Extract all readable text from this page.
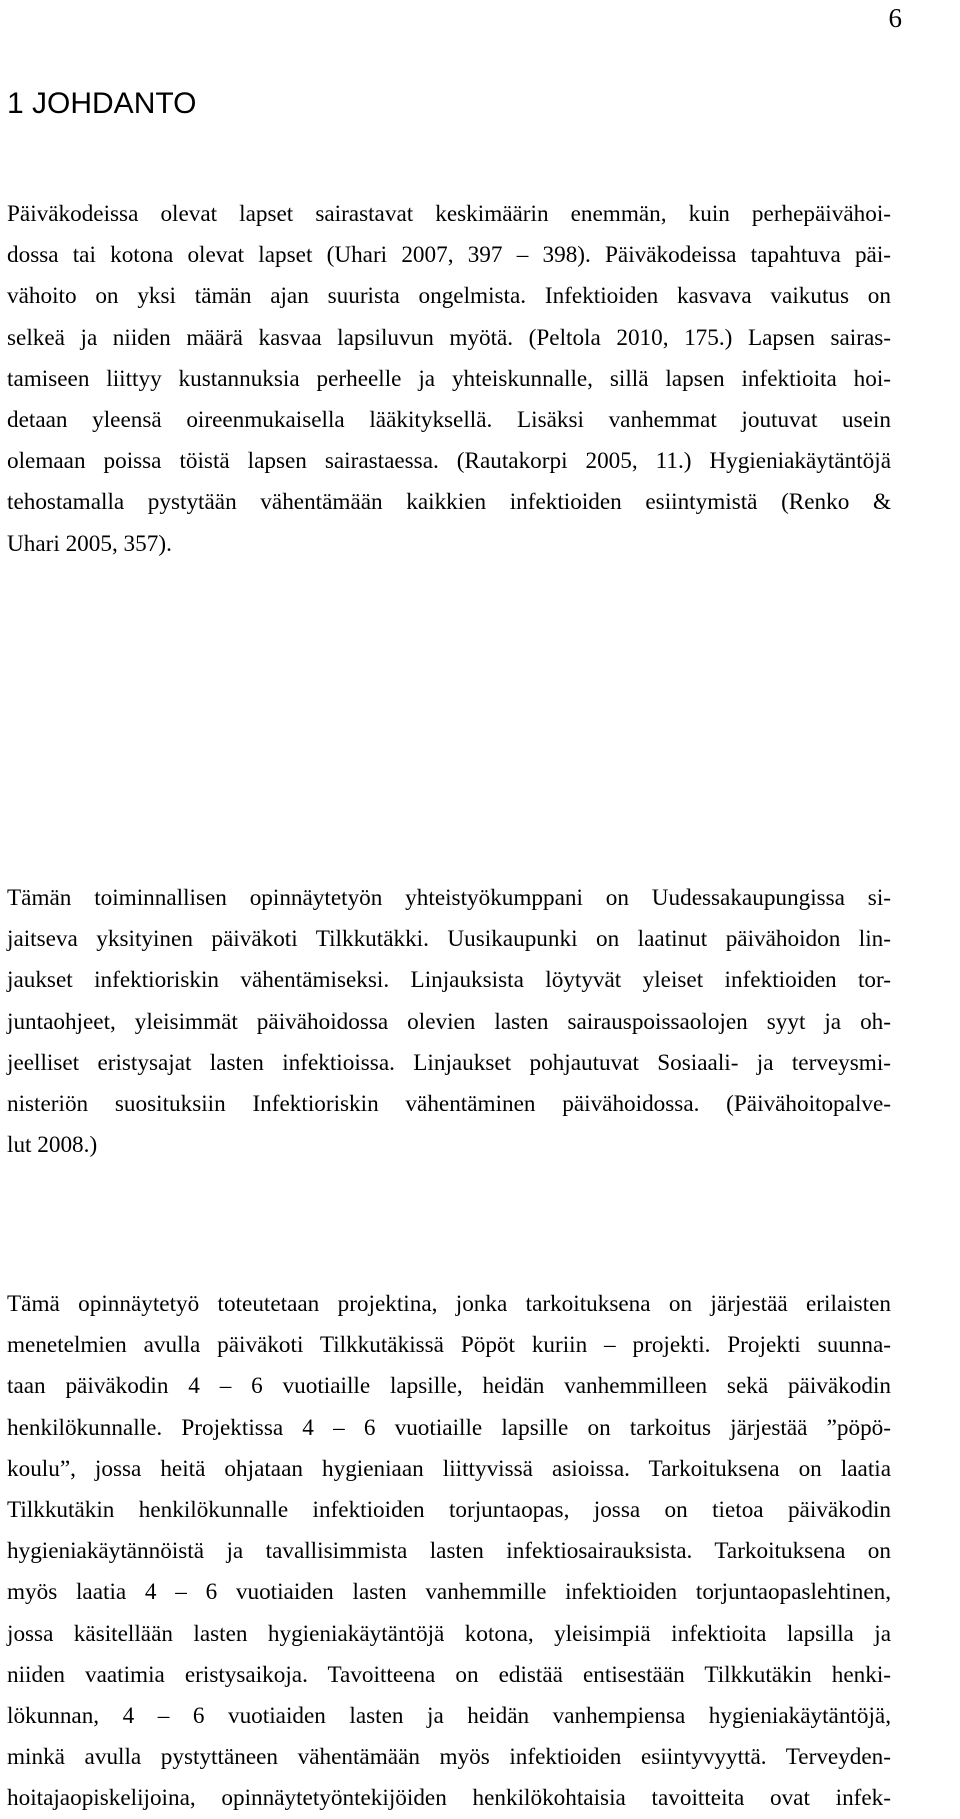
6
1 JOHDANTO

Päiväkodeissa olevat lapset sairastavat keskimäärin enemmän, kuin perhepäivähoi-
dossa tai kotona olevat lapset (Uhari 2007, 397 – 398). Päiväkodeissa tapahtuva päi-
vähoito on yksi tämän ajan suurista ongelmista. Infektioiden kasvava vaikutus on
selkeä ja niiden määrä kasvaa lapsiluvun myötä. (Peltola 2010, 175.) Lapsen sairas-
tamiseen liittyy kustannuksia perheelle ja yhteiskunnalle, sillä lapsen infektioita hoi-
detaan yleensä oireenmukaisella lääkityksellä. Lisäksi vanhemmat joutuvat usein
olemaan poissa töistä lapsen sairastaessa. (Rautakorpi 2005, 11.) Hygieniakäytäntöjä
tehostamalla pystytään vähentämään kaikkien infektioiden esiintymistä (Renko &
Uhari 2005, 357).

Tämän toiminnallisen opinnäytetyön yhteistyökumppani on Uudessakaupungissa si-
jaitseva yksityinen päiväkoti Tilkkutäkki. Uusikaupunki on laatinut päivähoidon lin-
jaukset infektioriskin vähentämiseksi. Linjauksista löytyvät yleiset infektioiden tor-
juntaohjeet, yleisimmät päivähoidossa olevien lasten sairauspoissaolojen syyt ja oh-
jeelliset eristysajat lasten infektioissa. Linjaukset pohjautuvat Sosiaali- ja terveysmi-
nisteriön suosituksiin Infektioriskin vähentäminen päivähoidossa. (Päivähoitopalve-
lut 2008.)

Tämä opinnäytetyö toteutetaan projektina, jonka tarkoituksena on järjestää erilaisten
menetelmien avulla päiväkoti Tilkkutäkissä Pöpöt kuriin – projekti. Projekti suunna-
taan päiväkodin 4 – 6 vuotiaille lapsille, heidän vanhemmilleen sekä päiväkodin
henkilökunnalle. Projektissa 4 – 6 vuotiaille lapsille on tarkoitus järjestää ”pöpö-
koulu”, jossa heitä ohjataan hygieniaan liittyvissä asioissa. Tarkoituksena on laatia
Tilkkutäkin henkilökunnalle infektioiden torjuntaopas, jossa on tietoa päiväkodin
hygieniakäytännöistä ja tavallisimmista lasten infektiosairauksista. Tarkoituksena on
myös laatia 4 – 6 vuotiaiden lasten vanhemmille infektioiden torjuntaopaslehtinen,
jossa käsitellään lasten hygieniakäytäntöjä kotona, yleisimpiä infektioita lapsilla ja
niiden vaatimia eristysaikoja. Tavoitteena on edistää entisestään Tilkkutäkin henki-
lökunnan, 4 – 6 vuotiaiden lasten ja heidän vanhempiensa hygieniakäytäntöjä,
minkä avulla pystyttäneen vähentämään myös infektioiden esiintyvyyttä. Terveyden-
hoitajaopiskelijoina, opinnäytetyöntekijöiden henkilökohtaisia tavoitteita ovat infek-
